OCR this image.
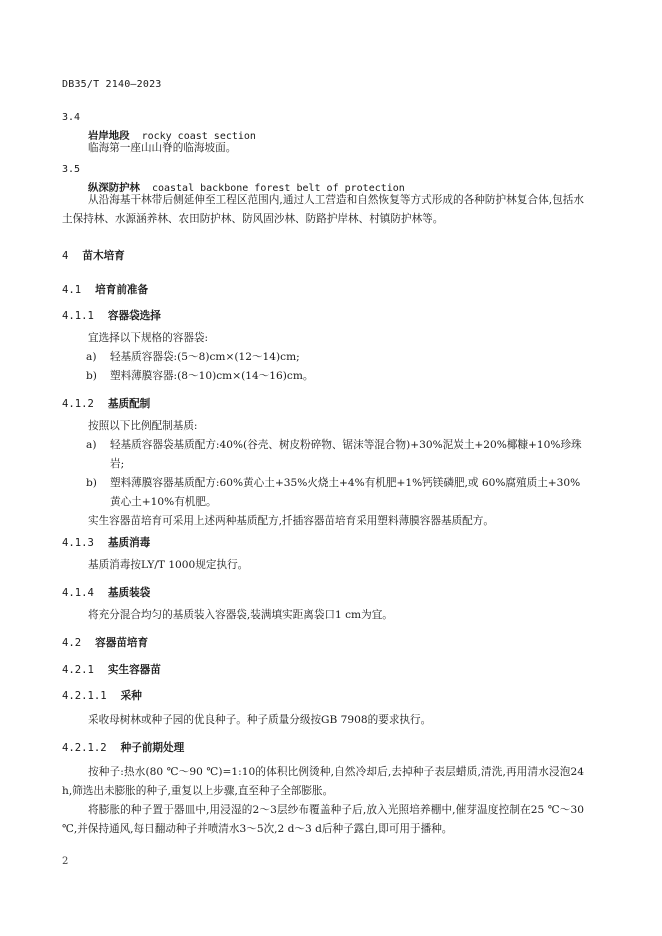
DB35/T 2140—2023
3.4
岩岸地段 rocky coast section
临海第一座山山脊的临海坡面。
3.5
纵深防护林 coastal backbone forest belt of protection
从沿海基干林带后侧延伸至工程区范围内,通过人工营造和自然恢复等方式形成的各种防护林复合体,包括水土保持林、水源涵养林、农田防护林、防风固沙林、防路护岸林、村镇防护林等。
4 苗木培育
4.1 培育前准备
4.1.1 容器袋选择
宜选择以下规格的容器袋:
a)	轻基质容器袋:(5～8)cm×(12～14)cm;
b)	塑料薄膜容器:(8～10)cm×(14～16)cm。
4.1.2 基质配制
按照以下比例配制基质:
a)	轻基质容器袋基质配方:40%(谷壳、树皮粉碎物、锯沫等混合物)+30%泥炭土+20%椰糠+10%珍珠岩;
b)	塑料薄膜容器基质配方:60%黄心土+35%火烧土+4%有机肥+1%钙镁磷肥,或 60%腐殖质土+30%黄心土+10%有机肥。
实生容器苗培育可采用上述两种基质配方,扦插容器苗培育采用塑料薄膜容器基质配方。
4.1.3 基质消毒
基质消毒按LY/T 1000规定执行。
4.1.4 基质装袋
将充分混合均匀的基质装入容器袋,装满填实距离袋口1 cm为宜。
4.2 容器苗培育
4.2.1 实生容器苗
4.2.1.1 采种
采收母树林或种子园的优良种子。种子质量分级按GB 7908的要求执行。
4.2.1.2 种子前期处理
按种子:热水(80 ℃～90 ℃)=1:10的体积比例烫种,自然冷却后,去掉种子表层蜡质,清洗,再用清水浸泡24 h,筛选出未膨胀的种子,重复以上步骤,直至种子全部膨胀。
将膨胀的种子置于器皿中,用浸湿的2～3层纱布覆盖种子后,放入光照培养棚中,催芽温度控制在25 ℃～30 ℃,并保持通风,每日翻动种子并喷清水3～5次,2 d～3 d后种子露白,即可用于播种。
2
